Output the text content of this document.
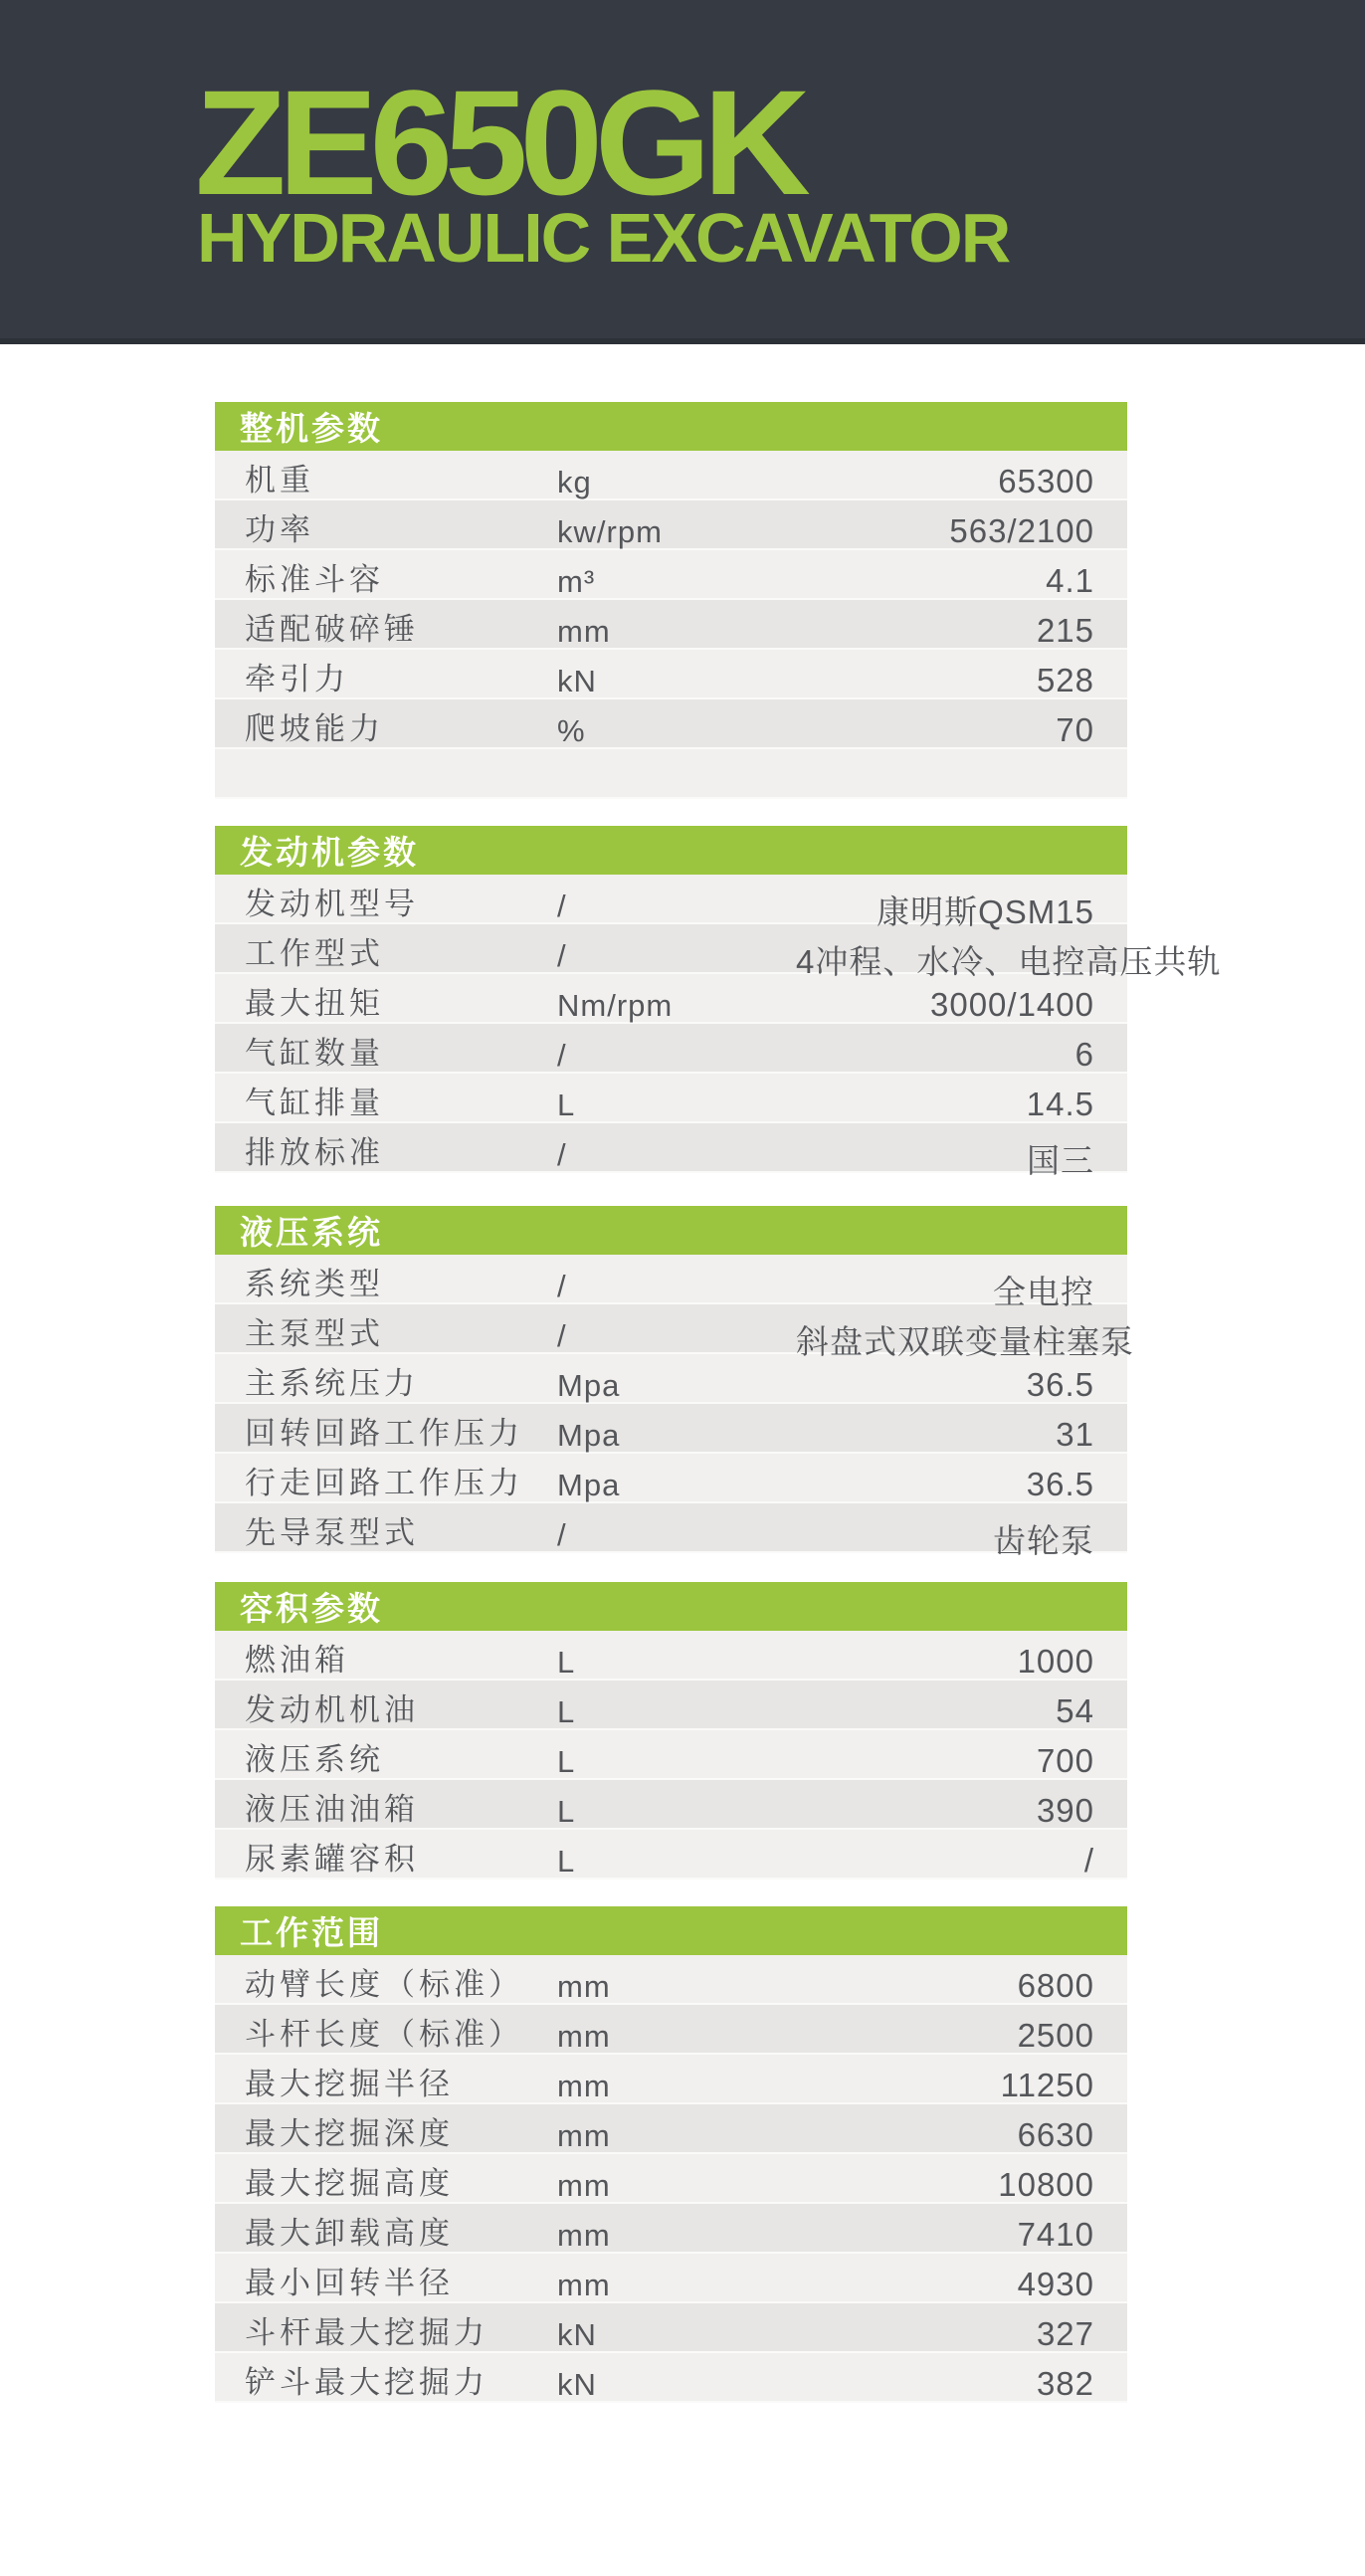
ZE650GK
HYDRAULIC EXCAVATOR
整机参数
机重	kg	65300
功率	kw/rpm	563/2100
标准斗容	m³	4.1
适配破碎锤	mm	215
牵引力	kN	528
爬坡能力	%	70
发动机参数
发动机型号	/	康明斯QSM15
工作型式	/	4冲程、水冷、电控高压共轨
最大扭矩	Nm/rpm	3000/1400
气缸数量	/	6
气缸排量	L	14.5
排放标准	/	国三
液压系统
系统类型	/	全电控
主泵型式	/	斜盘式双联变量柱塞泵
主系统压力	Mpa	36.5
回转回路工作压力	Mpa	31
行走回路工作压力	Mpa	36.5
先导泵型式	/	齿轮泵
容积参数
燃油箱	L	1000
发动机机油	L	54
液压系统	L	700
液压油油箱	L	390
尿素罐容积	L	/
工作范围
动臂长度（标准）	mm	6800
斗杆长度（标准）	mm	2500
最大挖掘半径	mm	11250
最大挖掘深度	mm	6630
最大挖掘高度	mm	10800
最大卸载高度	mm	7410
最小回转半径	mm	4930
斗杆最大挖掘力	kN	327
铲斗最大挖掘力	kN	382
